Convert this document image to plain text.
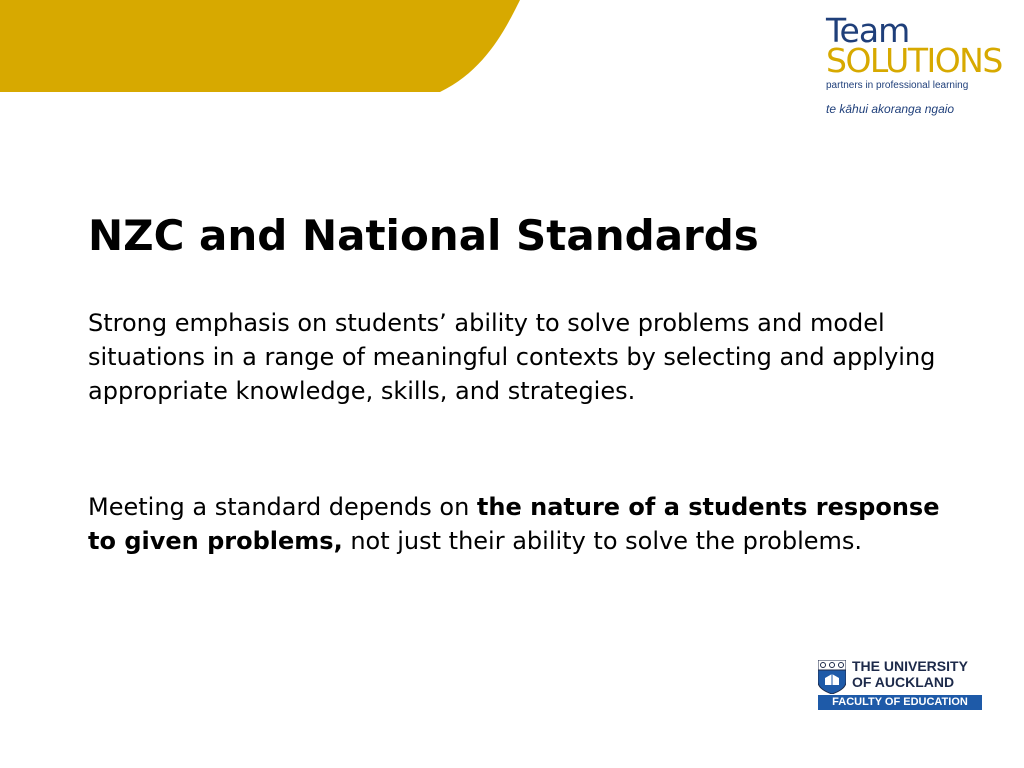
Team
SOLUTIONS
partners in professional learning
te kāhui akoranga ngaio
NZC and National Standards

Strong emphasis on students’ ability to solve problems and model situations in a range of meaningful contexts by selecting and applying appropriate knowledge, skills, and strategies.

Meeting a standard depends on the nature of a students response to given problems, not just their ability to solve the problems.

THE UNIVERSITY
OF AUCKLAND
FACULTY OF EDUCATION
